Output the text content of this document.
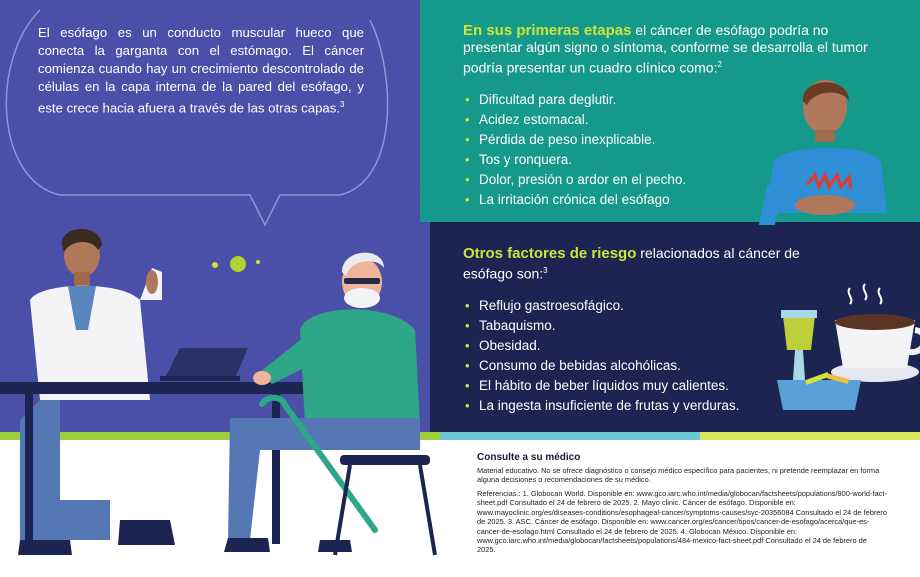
El esófago es un conducto muscular hueco que conecta la garganta con el estómago. El cáncer comienza cuando hay un crecimiento descontrolado de células en la capa interna de la pared del esófago, y este crece hacia afuera a través de las otras capas.$^3$

En sus primeras etapas el cáncer de esófago podría no presentar algún signo o síntoma, conforme se desarrolla el tumor podría presentar un cuadro clínico como:$^2$

• Dificultad para deglutir.
• Acidez estomacal.
• Pérdida de peso inexplicable.
• Tos y ronquera.
• Dolor, presión o ardor en el pecho.
• La irritación crónica del esófago

Otros factores de riesgo relacionados al cáncer de esófago son:$^3$

• Reflujo gastroesofágico.
• Tabaquismo.
• Obesidad.
• Consumo de bebidas alcohólicas.
• El hábito de beber líquidos muy calientes.
• La ingesta insuficiente de frutas y verduras.

Consulte a su médico

Material educativo. No se ofrece diagnóstico o consejo médico específico para pacientes, ni pretende reemplazar en forma alguna decisiones o recomendaciones de su médico.

Referencias.: 1. Globocan World. Disponible en: www.gco.iarc.who.int/media/globocan/factsheets/populations/900-world-fact-sheet.pdf Consultado el 24 de febrero de 2025. 2. Mayo clinic. Cáncer de esófago. Disponible en: www.mayoclinic.org/es/diseases-conditions/esophageal-cancer/symptoms-causes/syc-20356084 Consultado el 24 de febrero de 2025. 3. ASC. Cáncer de esófago. Disponible en: www.cancer.org/es/cancer/tipos/cancer-de-esofago/acerca/que-es-cancer-de-esofago.html Consultado el 24 de febrero de 2025. 4. Globocan México. Disponible en: www.gco.iarc.who.int/media/globocan/factsheets/populations/484-mexico-fact-sheet.pdf Consultado el 24 de febrero de 2025.
